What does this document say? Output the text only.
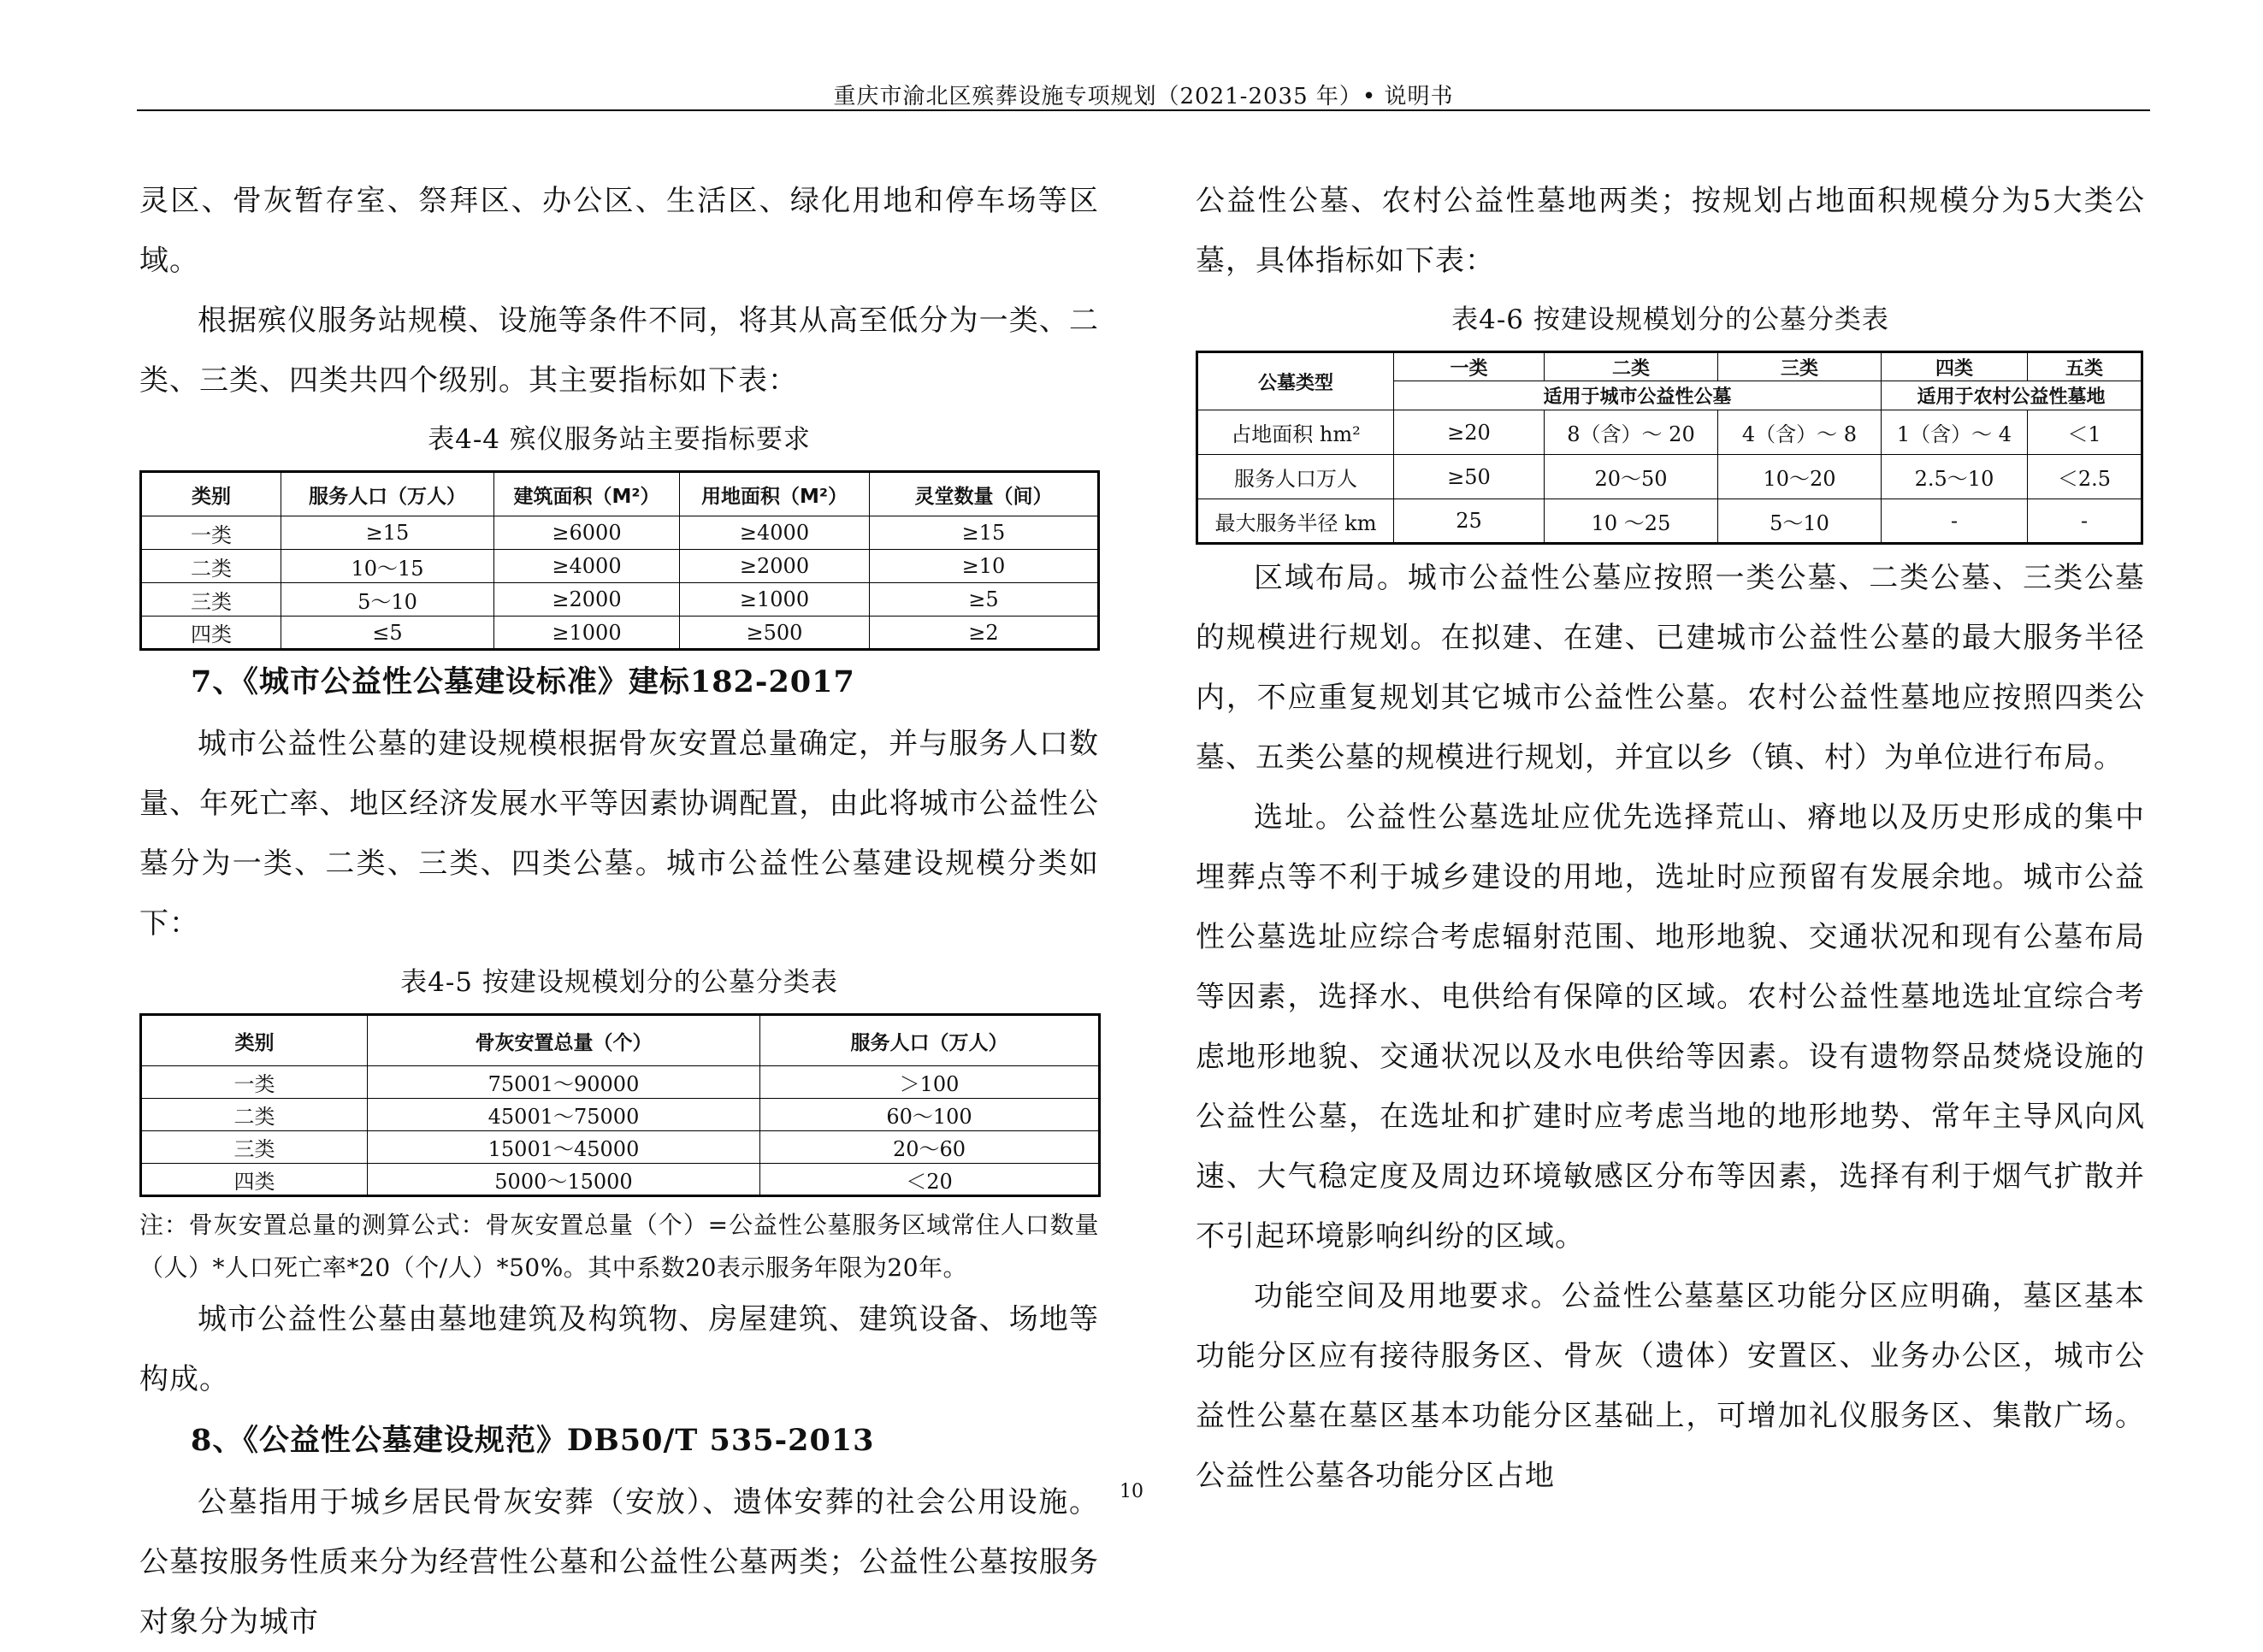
重庆市渝北区殡葬设施专项规划（2021-2035 年）• 说明书

灵区、骨灰暂存室、祭拜区、办公区、生活区、绿化用地和停车场等区域。

根据殡仪服务站规模、设施等条件不同，将其从高至低分为一类、二类、三类、四类共四个级别。其主要指标如下表：

表4-4 殡仪服务站主要指标要求
类别	服务人口（万人）	建筑面积（M²）	用地面积（M²）	灵堂数量（间）
一类	≥15	≥6000	≥4000	≥15
二类	10～15	≥4000	≥2000	≥10
三类	5～10	≥2000	≥1000	≥5
四类	≤5	≥1000	≥500	≥2
7、《城市公益性公墓建设标准》建标182-2017

城市公益性公墓的建设规模根据骨灰安置总量确定，并与服务人口数量、年死亡率、地区经济发展水平等因素协调配置，由此将城市公益性公墓分为一类、二类、三类、四类公墓。城市公益性公墓建设规模分类如下：

表4-5 按建设规模划分的公墓分类表
类别	骨灰安置总量（个）	服务人口（万人）
一类	75001～90000	＞100
二类	45001～75000	60～100
三类	15001～45000	20～60
四类	5000～15000	＜20

注：骨灰安置总量的测算公式：骨灰安置总量（个）=公益性公墓服务区域常住人口数量（人）*人口死亡率*20（个/人）*50%。其中系数20表示服务年限为20年。

城市公益性公墓由墓地建筑及构筑物、房屋建筑、建筑设备、场地等构成。

8、《公益性公墓建设规范》DB50/T 535-2013

公墓指用于城乡居民骨灰安葬（安放）、遗体安葬的社会公用设施。公墓按服务性质来分为经营性公墓和公益性公墓两类；公益性公墓按服务对象分为城市

公益性公墓、农村公益性墓地两类；按规划占地面积规模分为5大类公墓，具体指标如下表：

表4-6 按建设规模划分的公墓分类表
公墓类型	一类	二类	三类	四类	五类
	适用于城市公益性公墓			适用于农村公益性墓地	
占地面积 hm²	≥20	8（含）～ 20	4（含）～ 8	1（含）～ 4	＜1
服务人口万人	≥50	20～50	10～20	2.5～10	＜2.5
最大服务半径 km	25	10 ～25	5～10	-	-

区域布局。城市公益性公墓应按照一类公墓、二类公墓、三类公墓的规模进行规划。在拟建、在建、已建城市公益性公墓的最大服务半径内，不应重复规划其它城市公益性公墓。农村公益性墓地应按照四类公墓、五类公墓的规模进行规划，并宜以乡（镇、村）为单位进行布局。

选址。公益性公墓选址应优先选择荒山、瘠地以及历史形成的集中埋葬点等不利于城乡建设的用地，选址时应预留有发展余地。城市公益性公墓选址应综合考虑辐射范围、地形地貌、交通状况和现有公墓布局等因素，选择水、电供给有保障的区域。农村公益性墓地选址宜综合考虑地形地貌、交通状况以及水电供给等因素。设有遗物祭品焚烧设施的公益性公墓，在选址和扩建时应考虑当地的地形地势、常年主导风向风速、大气稳定度及周边环境敏感区分布等因素，选择有利于烟气扩散并不引起环境影响纠纷的区域。

功能空间及用地要求。公益性公墓墓区功能分区应明确，墓区基本功能分区应有接待服务区、骨灰（遗体）安置区、业务办公区，城市公益性公墓在墓区基本功能分区基础上，可增加礼仪服务区、集散广场。公益性公墓各功能分区占地

10
